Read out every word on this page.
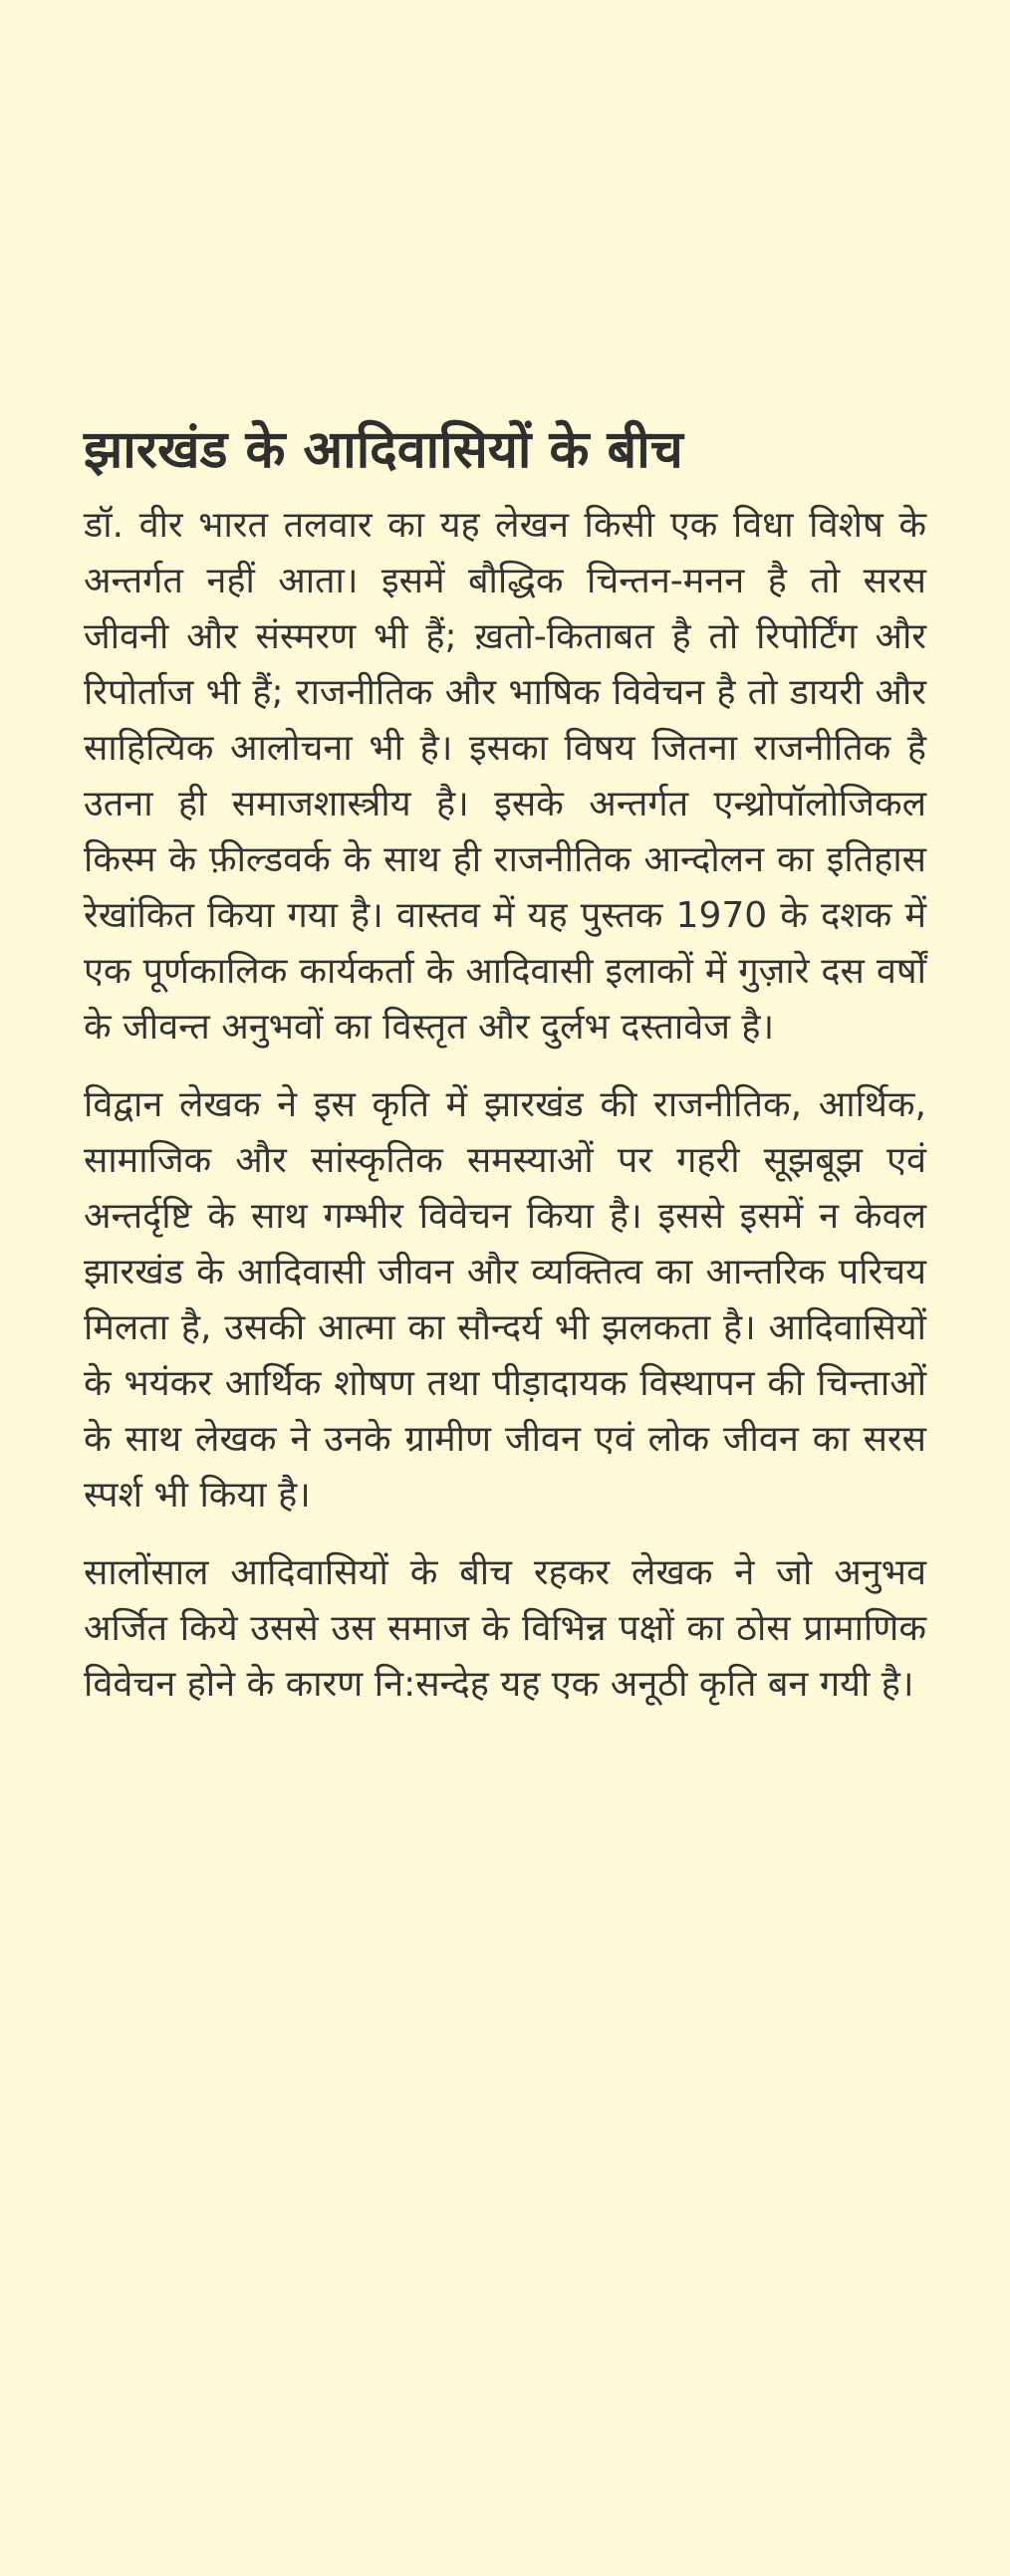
झारखंड के आदिवासियों के बीच

डॉ. वीर भारत तलवार का यह लेखन किसी एक विधा विशेष के अन्तर्गत नहीं आता। इसमें बौद्धिक चिन्तन-मनन है तो सरस जीवनी और संस्मरण भी हैं; ख़तो-किताबत है तो रिपोर्टिंग और रिपोर्ताज भी हैं; राजनीतिक और भाषिक विवेचन है तो डायरी और साहित्यिक आलोचना भी है। इसका विषय जितना राजनीतिक है उतना ही समाजशास्त्रीय है। इसके अन्तर्गत एन्थ्रोपॉलोजिकल किस्म के फ़ील्डवर्क के साथ ही राजनीतिक आन्दोलन का इतिहास रेखांकित किया गया है। वास्तव में यह पुस्तक 1970 के दशक में एक पूर्णकालिक कार्यकर्ता के आदिवासी इलाकों में गुज़ारे दस वर्षों के जीवन्त अनुभवों का विस्तृत और दुर्लभ दस्तावेज है।

विद्वान लेखक ने इस कृति में झारखंड की राजनीतिक, आर्थिक, सामाजिक और सांस्कृतिक समस्याओं पर गहरी सूझबूझ एवं अन्तर्दृष्टि के साथ गम्भीर विवेचन किया है। इससे इसमें न केवल झारखंड के आदिवासी जीवन और व्यक्तित्व का आन्तरिक परिचय मिलता है, उसकी आत्मा का सौन्दर्य भी झलकता है। आदिवासियों के भयंकर आर्थिक शोषण तथा पीड़ादायक विस्थापन की चिन्ताओं के साथ लेखक ने उनके ग्रामीण जीवन एवं लोक जीवन का सरस स्पर्श भी किया है।

सालोंसाल आदिवासियों के बीच रहकर लेखक ने जो अनुभव अर्जित किये उससे उस समाज के विभिन्न पक्षों का ठोस प्रामाणिक विवेचन होने के कारण नि:सन्देह यह एक अनूठी कृति बन गयी है।
